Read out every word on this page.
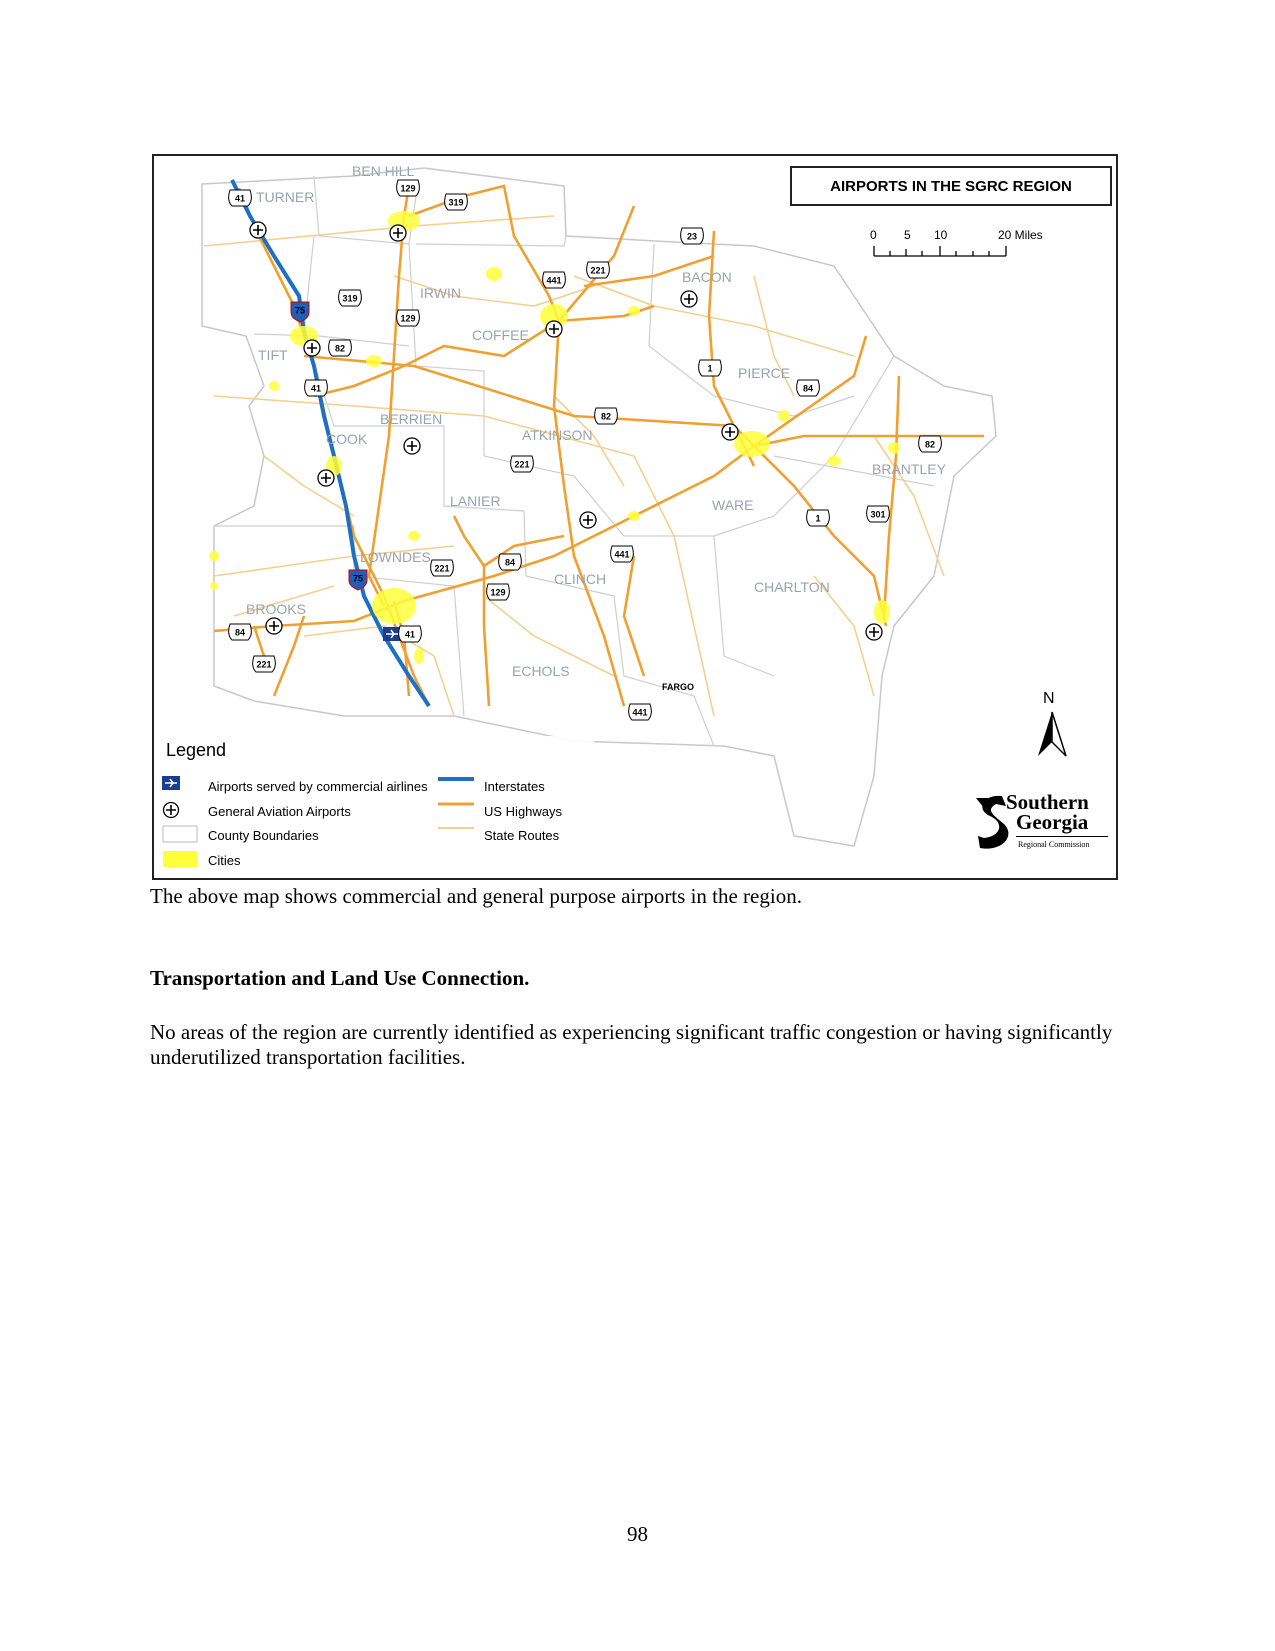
BEN HILL
TURNER
IRWIN
TIFT
COFFEE
BACON
PIERCE
BERRIEN
COOK	ATKINSON
BRANTLEY
LANIER	WARE
LOWNDES
CLINCH	CHARLTON
BROOKS
ECHOLS
41
129
319
319
129
441
221
23
75
82
41
1
84
82
82
221
301
1
221
84
441
75
129
84	41
221
441
FARGO
AIRPORTS IN THE SGRC REGION
0 5 10	20 Miles
N
Legend
Airports served by commercial airlines
General Aviation Airports
County Boundaries
Cities
Interstates
US Highways
State Routes
Southern
Georgia
Regional Commission
The above map shows commercial and general purpose airports in the region.
Transportation and Land Use Connection.
No areas of the region are currently identified as experiencing significant traffic congestion or having significantly underutilized transportation facilities.
98
